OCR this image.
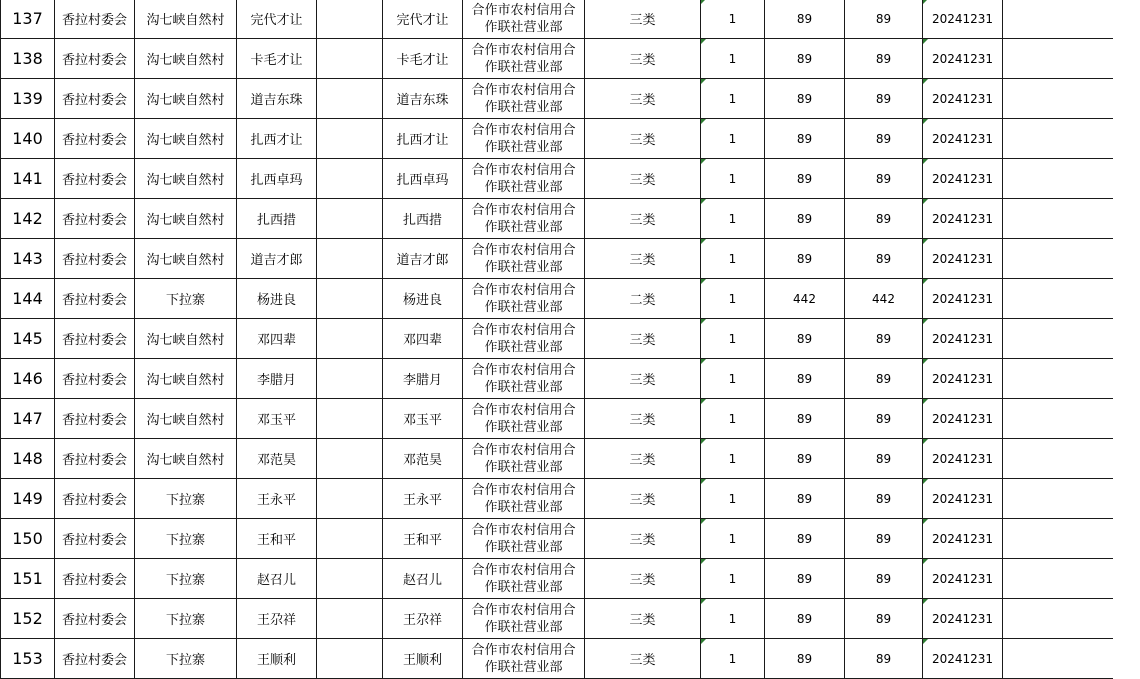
137	香拉村委会	沟七峡自然村	完代才让		完代才让	合作市农村信用合
作联社营业部	三类	1	89	89	20241231	
138	香拉村委会	沟七峡自然村	卡毛才让		卡毛才让	合作市农村信用合
作联社营业部	三类	1	89	89	20241231	
139	香拉村委会	沟七峡自然村	道吉东珠		道吉东珠	合作市农村信用合
作联社营业部	三类	1	89	89	20241231	
140	香拉村委会	沟七峡自然村	扎西才让		扎西才让	合作市农村信用合
作联社营业部	三类	1	89	89	20241231	
141	香拉村委会	沟七峡自然村	扎西卓玛		扎西卓玛	合作市农村信用合
作联社营业部	三类	1	89	89	20241231	
142	香拉村委会	沟七峡自然村	扎西措		扎西措	合作市农村信用合
作联社营业部	三类	1	89	89	20241231	
143	香拉村委会	沟七峡自然村	道吉才郎		道吉才郎	合作市农村信用合
作联社营业部	三类	1	89	89	20241231	
144	香拉村委会	下拉寨	杨进良		杨进良	合作市农村信用合
作联社营业部	二类	1	442	442	20241231	
145	香拉村委会	沟七峡自然村	邓四辈		邓四辈	合作市农村信用合
作联社营业部	三类	1	89	89	20241231	
146	香拉村委会	沟七峡自然村	李腊月		李腊月	合作市农村信用合
作联社营业部	三类	1	89	89	20241231	
147	香拉村委会	沟七峡自然村	邓玉平		邓玉平	合作市农村信用合
作联社营业部	三类	1	89	89	20241231	
148	香拉村委会	沟七峡自然村	邓范昊		邓范昊	合作市农村信用合
作联社营业部	三类	1	89	89	20241231	
149	香拉村委会	下拉寨	王永平		王永平	合作市农村信用合
作联社营业部	三类	1	89	89	20241231	
150	香拉村委会	下拉寨	王和平		王和平	合作市农村信用合
作联社营业部	三类	1	89	89	20241231	
151	香拉村委会	下拉寨	赵召儿		赵召儿	合作市农村信用合
作联社营业部	三类	1	89	89	20241231	
152	香拉村委会	下拉寨	王尕祥		王尕祥	合作市农村信用合
作联社营业部	三类	1	89	89	20241231	
153	香拉村委会	下拉寨	王顺利		王顺利	合作市农村信用合
作联社营业部	三类	1	89	89	20241231	
